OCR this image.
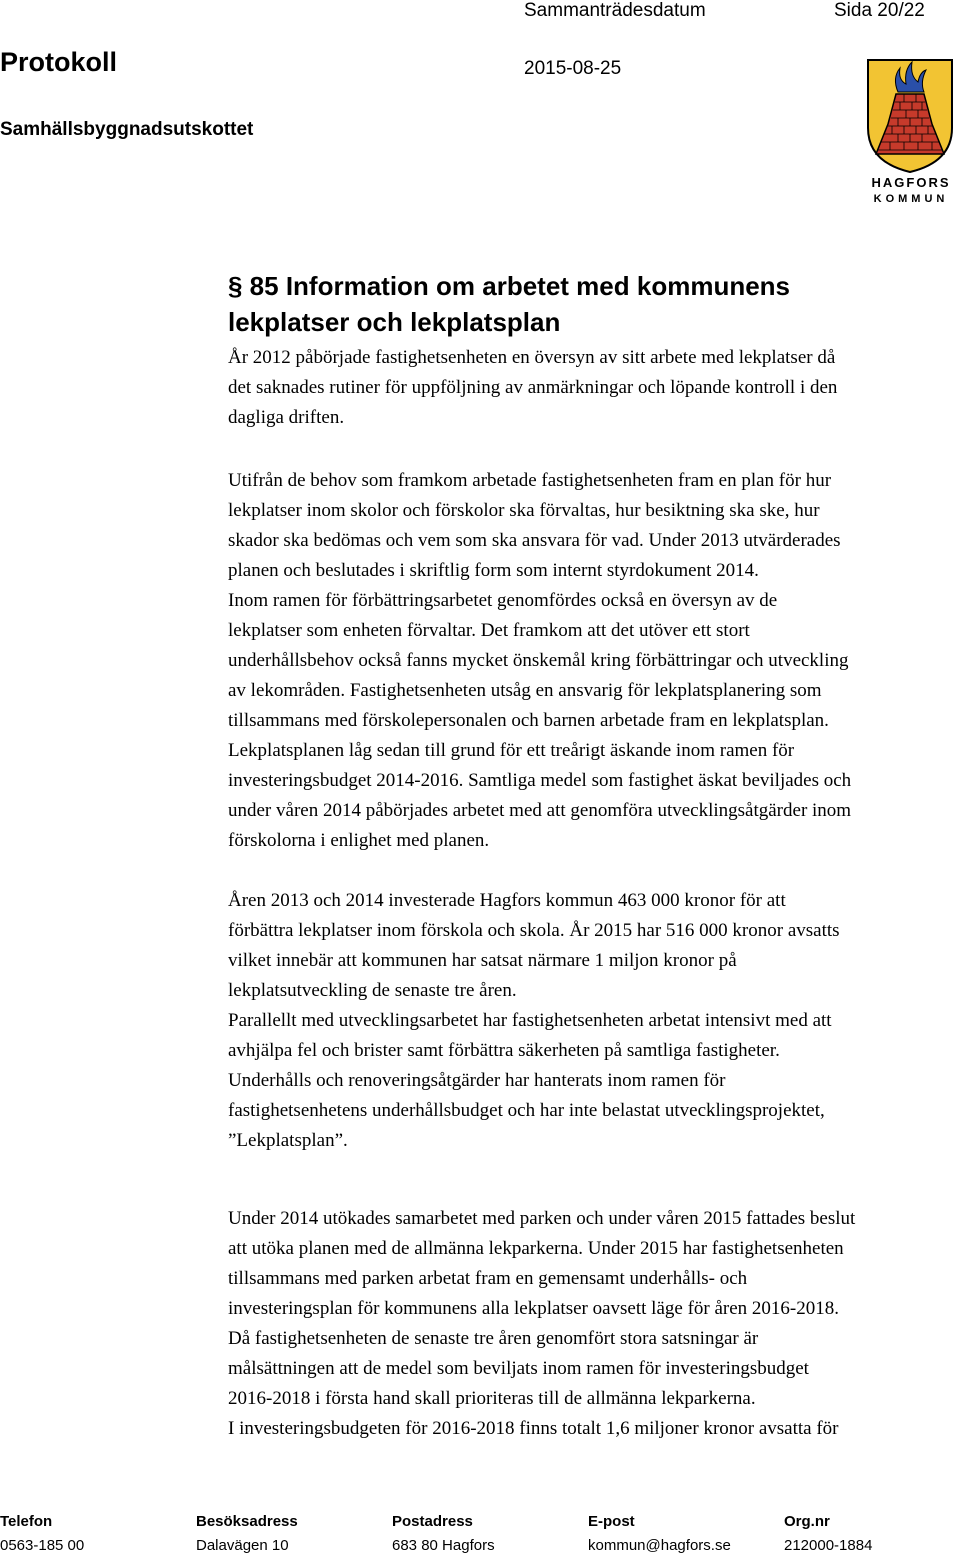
Sammanträdesdatum	Sida 20/22
Protokoll	2015-08-25
Samhällsbyggnadsutskottet
HAGFORS
KOMMUN
§ 85 Information om arbetet med kommunens
lekplatser och lekplatsplan
År 2012 påbörjade fastighetsenheten en översyn av sitt arbete med lekplatser då
det saknades rutiner för uppföljning av anmärkningar och löpande kontroll i den
dagliga driften.
Utifrån de behov som framkom arbetade fastighetsenheten fram en plan för hur
lekplatser inom skolor och förskolor ska förvaltas, hur besiktning ska ske, hur
skador ska bedömas och vem som ska ansvara för vad. Under 2013 utvärderades
planen och beslutades i skriftlig form som internt styrdokument 2014.
Inom ramen för förbättringsarbetet genomfördes också en översyn av de
lekplatser som enheten förvaltar. Det framkom att det utöver ett stort
underhållsbehov också fanns mycket önskemål kring förbättringar och utveckling
av lekområden. Fastighetsenheten utsåg en ansvarig för lekplatsplanering som
tillsammans med förskolepersonalen och barnen arbetade fram en lekplatsplan.
Lekplatsplanen låg sedan till grund för ett treårigt äskande inom ramen för
investeringsbudget 2014-2016. Samtliga medel som fastighet äskat beviljades och
under våren 2014 påbörjades arbetet med att genomföra utvecklingsåtgärder inom
förskolorna i enlighet med planen.
Åren 2013 och 2014 investerade Hagfors kommun 463 000 kronor för att
förbättra lekplatser inom förskola och skola. År 2015 har 516 000 kronor avsatts
vilket innebär att kommunen har satsat närmare 1 miljon kronor på
lekplatsutveckling de senaste tre åren.
Parallellt med utvecklingsarbetet har fastighetsenheten arbetat intensivt med att
avhjälpa fel och brister samt förbättra säkerheten på samtliga fastigheter.
Underhålls och renoveringsåtgärder har hanterats inom ramen för
fastighetsenhetens underhållsbudget och har inte belastat utvecklingsprojektet,
”Lekplatsplan”.
Under 2014 utökades samarbetet med parken och under våren 2015 fattades beslut
att utöka planen med de allmänna lekparkerna. Under 2015 har fastighetsenheten
tillsammans med parken arbetat fram en gemensamt underhålls- och
investeringsplan för kommunens alla lekplatser oavsett läge för åren 2016-2018.
Då fastighetsenheten de senaste tre åren genomfört stora satsningar är
målsättningen att de medel som beviljats inom ramen för investeringsbudget
2016-2018 i första hand skall prioriteras till de allmänna lekparkerna.
I investeringsbudgeten för 2016-2018 finns totalt 1,6 miljoner kronor avsatta för
Telefon
0563-185 00
Besöksadress
Dalavägen 10
Postadress
683 80 Hagfors
E-post
kommun@hagfors.se
Org.nr
212000-1884
